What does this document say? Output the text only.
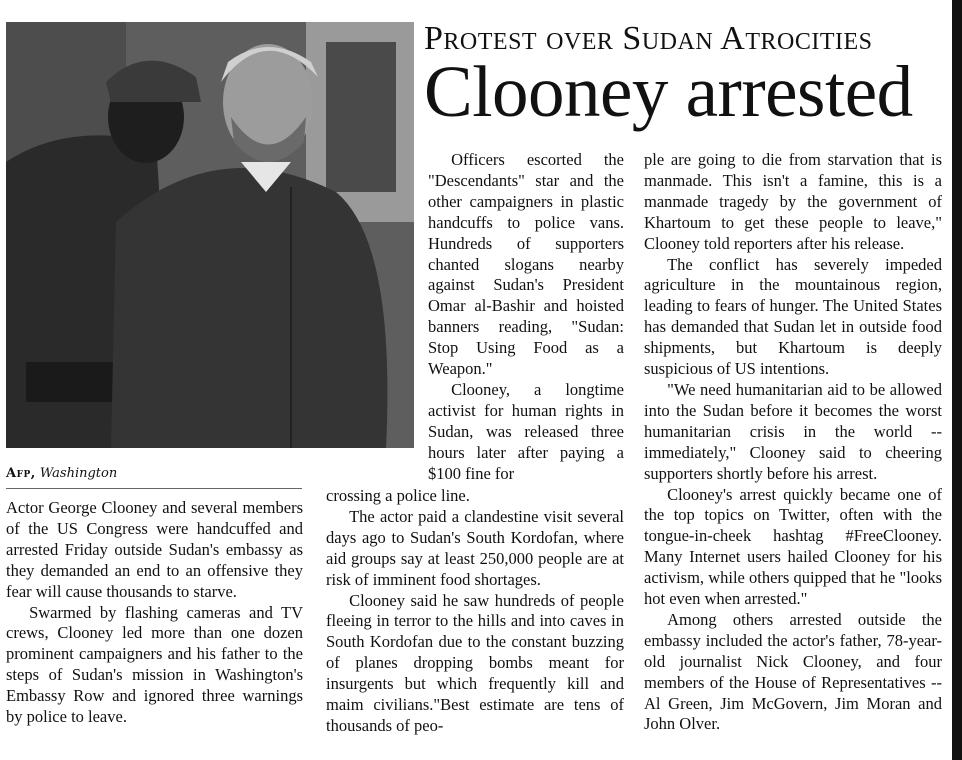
Afp, Washington
Protest over Sudan Atrocities
Clooney arrested

Actor George Clooney and several members of the US Congress were handcuffed and arrested Friday outside Sudan's embassy as they demanded an end to an offensive they fear will cause thousands to starve.

Swarmed by flashing cameras and TV crews, Clooney led more than one dozen prominent campaigners and his father to the steps of Sudan's mission in Washington's Embassy Row and ignored three warnings by police to leave.

Officers escorted the "Descendants" star and the other campaigners in plastic handcuffs to police vans. Hundreds of supporters chanted slogans nearby against Sudan's President Omar al-Bashir and hoisted banners reading, "Sudan: Stop Using Food as a Weapon."

Clooney, a longtime activist for human rights in Sudan, was released three hours later after paying a $100 fine for

crossing a police line.

The actor paid a clandestine visit several days ago to Sudan's South Kordofan, where aid groups say at least 250,000 people are at risk of imminent food shortages.

Clooney said he saw hundreds of people fleeing in terror to the hills and into caves in South Kordofan due to the constant buzzing of planes dropping bombs meant for insurgents but which frequently kill and maim civilians."Best estimate are tens of thousands of peo-

ple are going to die from starvation that is manmade. This isn't a famine, this is a manmade tragedy by the government of Khartoum to get these people to leave," Clooney told reporters after his release.

The conflict has severely impeded agriculture in the mountainous region, leading to fears of hunger. The United States has demanded that Sudan let in outside food shipments, but Khartoum is deeply suspicious of US intentions.

"We need humanitarian aid to be allowed into the Sudan before it becomes the worst humanitarian crisis in the world -- immediately," Clooney said to cheering supporters shortly before his arrest.

Clooney's arrest quickly became one of the top topics on Twitter, often with the tongue-in-cheek hashtag #FreeClooney. Many Internet users hailed Clooney for his activism, while others quipped that he "looks hot even when arrested."

Among others arrested outside the embassy included the actor's father, 78-year-old journalist Nick Clooney, and four members of the House of Representatives -- Al Green, Jim McGovern, Jim Moran and John Olver.
